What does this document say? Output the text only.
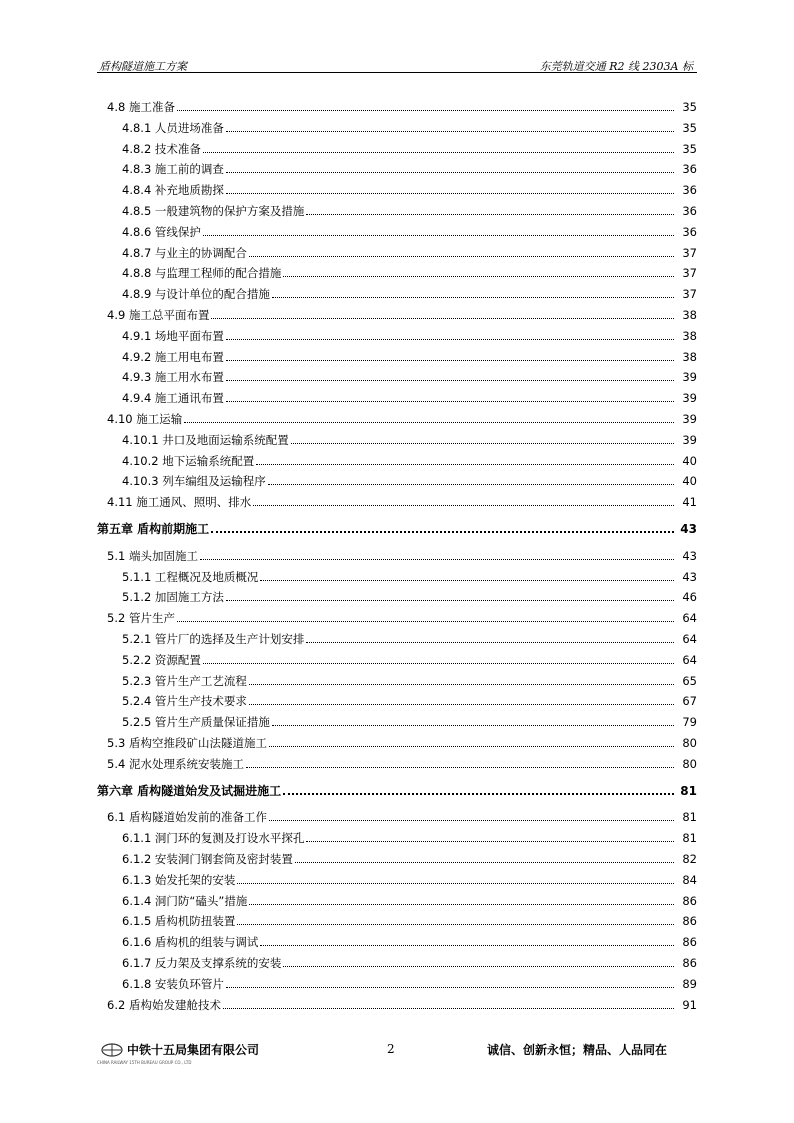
盾构隧道施工方案	东莞轨道交通 R2 线 2303A 标
4.8 施工准备	35
4.8.1 人员进场准备	35
4.8.2 技术准备	35
4.8.3 施工前的调查	36
4.8.4 补充地质勘探	36
4.8.5 一般建筑物的保护方案及措施	36
4.8.6 管线保护	36
4.8.7 与业主的协调配合	37
4.8.8 与监理工程师的配合措施	37
4.8.9 与设计单位的配合措施	37
4.9 施工总平面布置	38
4.9.1 场地平面布置	38
4.9.2 施工用电布置	38
4.9.3 施工用水布置	39
4.9.4 施工通讯布置	39
4.10 施工运输	39
4.10.1 井口及地面运输系统配置	39
4.10.2 地下运输系统配置	40
4.10.3 列车编组及运输程序	40
4.11 施工通风、照明、排水	41
第五章 盾构前期施工	43
5.1 端头加固施工	43
5.1.1 工程概况及地质概况	43
5.1.2 加固施工方法	46
5.2 管片生产	64
5.2.1 管片厂的选择及生产计划安排	64
5.2.2 资源配置	64
5.2.3 管片生产工艺流程	65
5.2.4 管片生产技术要求	67
5.2.5 管片生产质量保证措施	79
5.3 盾构空推段矿山法隧道施工	80
5.4 泥水处理系统安装施工	80
第六章 盾构隧道始发及试掘进施工	81
6.1 盾构隧道始发前的准备工作	81
6.1.1 洞门环的复测及打设水平探孔	81
6.1.2 安装洞门钢套筒及密封装置	82
6.1.3 始发托架的安装	84
6.1.4 洞门防“磕头”措施	86
6.1.5 盾构机防扭装置	86
6.1.6 盾构机的组装与调试	86
6.1.7 反力架及支撑系统的安装	86
6.1.8 安装负环管片	89
6.2 盾构始发建舱技术	91
中铁十五局集团有限公司
CHINA RAILWAY 15TH BUREAU GROUP CO., LTD
2	诚信、创新永恒；精品、人品同在
